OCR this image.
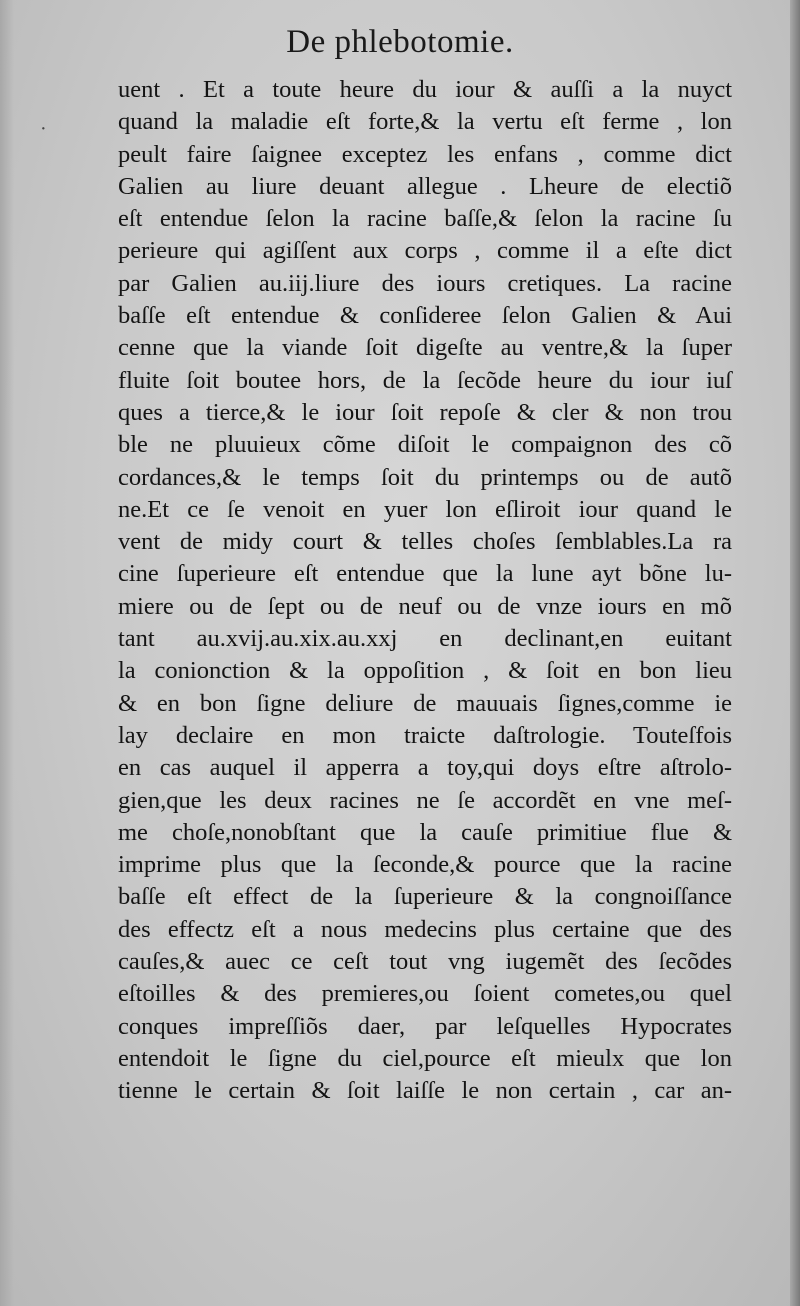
De phlebotomie.
·
uent . Et a toute heure du iour & auſſi a la nuyct
quand la maladie eſt forte,& la vertu eſt ferme , lon
peult faire ſaignee exceptez les enfans , comme dict
Galien au liure deuant allegue . Lheure de electiõ
eſt entendue ſelon la racine baſſe,& ſelon la racine ſu
perieure qui agiſſent aux corps , comme il a eſte dict
par Galien au.iij.liure des iours cretiques. La racine
baſſe eſt entendue & conſideree ſelon Galien & Aui
cenne que la viande ſoit digeſte au ventre,& la ſuper
fluite ſoit boutee hors, de la ſecõde heure du iour iuſ
ques a tierce,& le iour ſoit repoſe & cler & non trou
ble ne pluuieux cõme diſoit le compaignon des cõ
cordances,& le temps ſoit du printemps ou de autõ
ne.Et ce ſe venoit en yuer lon eſliroit iour quand le
vent de midy court & telles choſes ſemblables.La ra
cine ſuperieure eſt entendue que la lune ayt bõne lu-
miere ou de ſept ou de neuf ou de vnze iours en mõ
tant au.xvij.au.xix.au.xxj en declinant,en euitant
la conionction & la oppoſition , & ſoit en bon lieu
& en bon ſigne deliure de mauuais ſignes,comme ie
lay declaire en mon traicte daſtrologie. Touteſfois
en cas auquel il apperra a toy,qui doys eſtre aſtrolo-
gien,que les deux racines ne ſe accordẽt en vne meſ-
me choſe,nonobſtant que la cauſe primitiue flue &
imprime plus que la ſeconde,& pource que la racine
baſſe eſt effect de la ſuperieure & la congnoiſſance
des effectz eſt a nous medecins plus certaine que des
cauſes,& auec ce ceſt tout vng iugemẽt des ſecõdes
eſtoilles & des premieres,ou ſoient cometes,ou quel
conques impreſſiõs daer, par leſquelles Hypocrates
entendoit le ſigne du ciel,pource eſt mieulx que lon
tienne le certain & ſoit laiſſe le non certain , car an-
